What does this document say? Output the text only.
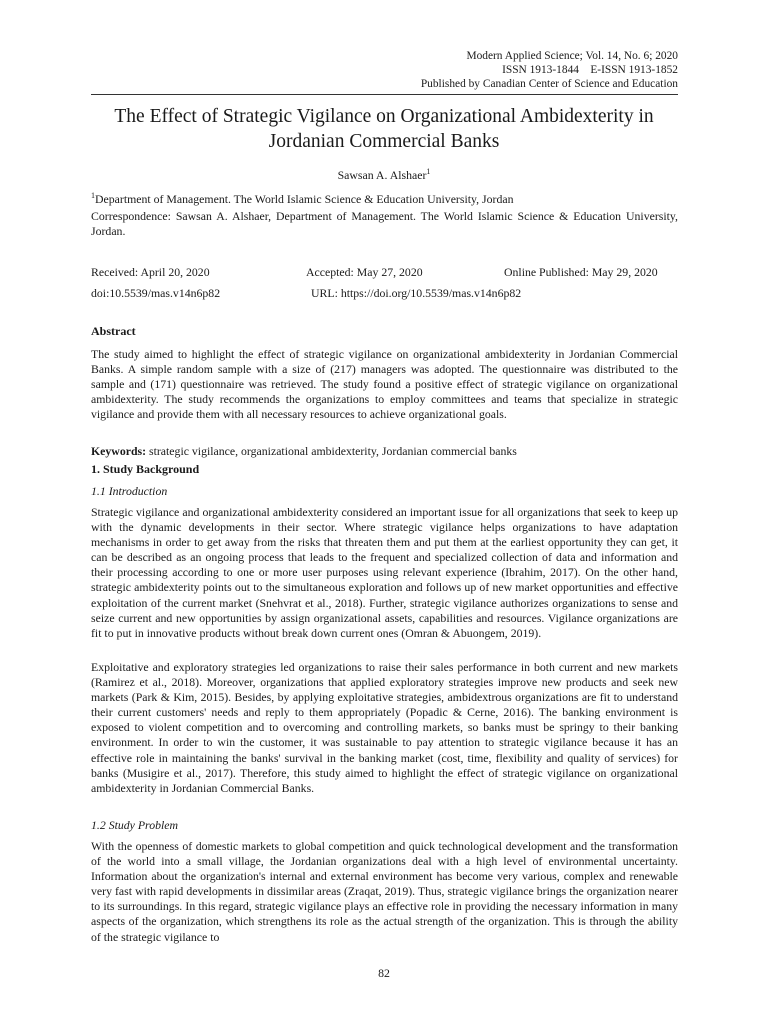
Modern Applied Science; Vol. 14, No. 6; 2020
ISSN 1913-1844    E-ISSN 1913-1852
Published by Canadian Center of Science and Education
The Effect of Strategic Vigilance on Organizational Ambidexterity in
Jordanian Commercial Banks
Sawsan A. Alshaer$^1$
$^1$Department of Management. The World Islamic Science & Education University, Jordan
Correspondence: Sawsan A. Alshaer, Department of Management. The World Islamic Science & Education University, Jordan.
Received: April 20, 2020	Accepted: May 27, 2020	Online Published: May 29, 2020
doi:10.5539/mas.v14n6p82	URL: https://doi.org/10.5539/mas.v14n6p82
Abstract
The study aimed to highlight the effect of strategic vigilance on organizational ambidexterity in Jordanian Commercial Banks. A simple random sample with a size of (217) managers was adopted. The questionnaire was distributed to the sample and (171) questionnaire was retrieved. The study found a positive effect of strategic vigilance on organizational ambidexterity. The study recommends the organizations to employ committees and teams that specialize in strategic vigilance and provide them with all necessary resources to achieve organizational goals.
Keywords: strategic vigilance, organizational ambidexterity, Jordanian commercial banks
1. Study Background
1.1 Introduction
Strategic vigilance and organizational ambidexterity considered an important issue for all organizations that seek to keep up with the dynamic developments in their sector. Where strategic vigilance helps organizations to have adaptation mechanisms in order to get away from the risks that threaten them and put them at the earliest opportunity they can get, it can be described as an ongoing process that leads to the frequent and specialized collection of data and information and their processing according to one or more user purposes using relevant experience (Ibrahim, 2017). On the other hand, strategic ambidexterity points out to the simultaneous exploration and follows up of new market opportunities and effective exploitation of the current market (Snehvrat et al., 2018). Further, strategic vigilance authorizes organizations to sense and seize current and new opportunities by assign organizational assets, capabilities and resources. Vigilance organizations are fit to put in innovative products without break down current ones (Omran & Abuongem, 2019).
Exploitative and exploratory strategies led organizations to raise their sales performance in both current and new markets (Ramirez et al., 2018). Moreover, organizations that applied exploratory strategies improve new products and seek new markets (Park & Kim, 2015). Besides, by applying exploitative strategies, ambidextrous organizations are fit to understand their current customers' needs and reply to them appropriately (Popadic & Cerne, 2016). The banking environment is exposed to violent competition and to overcoming and controlling markets, so banks must be springy to their banking environment. In order to win the customer, it was sustainable to pay attention to strategic vigilance because it has an effective role in maintaining the banks' survival in the banking market (cost, time, flexibility and quality of services) for banks (Musigire et al., 2017). Therefore, this study aimed to highlight the effect of strategic vigilance on organizational ambidexterity in Jordanian Commercial Banks.
1.2 Study Problem
With the openness of domestic markets to global competition and quick technological development and the transformation of the world into a small village, the Jordanian organizations deal with a high level of environmental uncertainty. Information about the organization's internal and external environment has become very various, complex and renewable very fast with rapid developments in dissimilar areas (Zraqat, 2019). Thus, strategic vigilance brings the organization nearer to its surroundings. In this regard, strategic vigilance plays an effective role in providing the necessary information in many aspects of the organization, which strengthens its role as the actual strength of the organization. This is through the ability of the strategic vigilance to
82
